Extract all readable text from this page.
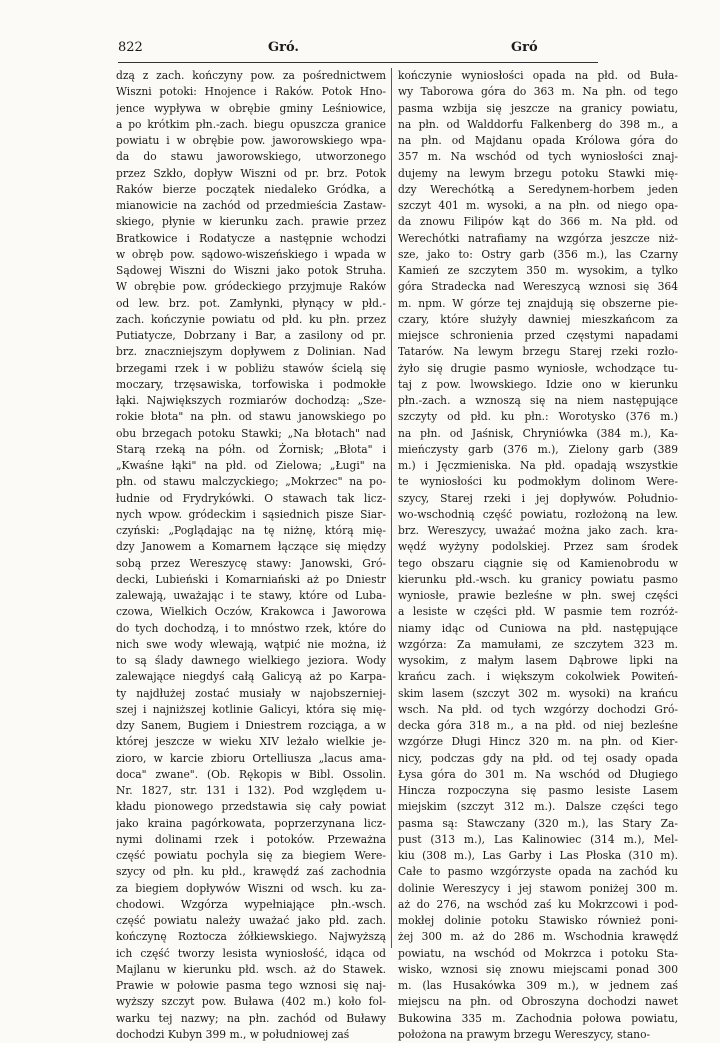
822	Gró.	Gró
dzą z zach. kończyny pow. za pośrednictwem
Wiszni potoki: Hnojence i Raków. Potok Hno-
jence wypływa w obrębie gminy Leśniowice,
a po krótkim płn.-zach. biegu opuszcza granice
powiatu i w obrębie pow. jaworowskiego wpa-
da do stawu jaworowskiego, utworzonego
przez Szkło, dopływ Wiszni od pr. brz. Potok
Raków bierze początek niedaleko Gródka, a
mianowicie na zachód od przedmieścia Zastaw-
skiego, płynie w kierunku zach. prawie przez
Bratkowice i Rodatycze a następnie wchodzi
w obręb pow. sądowo-wiszeńskiego i wpada w
Sądowej Wiszni do Wiszni jako potok Struha.
W obrębie pow. gródeckiego przyjmuje Raków
od lew. brz. pot. Zamłynki, płynący w płd.-
zach. kończynie powiatu od płd. ku płn. przez
Putiatycze, Dobrzany i Bar, a zasilony od pr.
brz. znaczniejszym dopływem z Dolinian. Nad
brzegami rzek i w pobliżu stawów ścielą się
moczary, trzęsawiska, torfowiska i podmokłe
łąki. Największych rozmiarów dochodzą: „Sze-
rokie błota" na płn. od stawu janowskiego po
obu brzegach potoku Stawki; „Na błotach" nad
Starą rzeką na półn. od Żornisk; „Błota" i
„Kwaśne łąki" na płd. od Zielowa; „Ługi" na
płn. od stawu malczyckiego; „Mokrzec" na po-
łudnie od Frydrykówki. O stawach tak licz-
nych wpow. gródeckim i sąsiednich pisze Siar-
czyński: „Poglądając na tę niżnę, którą mię-
dzy Janowem a Komarnem łączące się między
sobą przez Wereszycę stawy: Janowski, Gró-
decki, Lubieński i Komarniański aż po Dniestr
zalewają, uważając i te stawy, które od Luba-
czowa, Wielkich Oczów, Krakowca i Jaworowa
do tych dochodzą, i to mnóstwo rzek, które do
nich swe wody wlewają, wątpić nie można, iż
to są ślady dawnego wielkiego jeziora. Wody
zalewające niegdyś całą Galicyą aż po Karpa-
ty najdłużej zostać musiały w najobszerniej-
szej i najniższej kotlinie Galicyi, która się mię-
dzy Sanem, Bugiem i Dniestrem rozciąga, a w
której jeszcze w wieku XIV leżało wielkie je-
zioro, w karcie zbioru Ortelliusza „lacus ama-
doca" zwane". (Ob. Rękopis w Bibl. Ossolin.
Nr. 1827, str. 131 i 132). Pod względem u-
kładu pionowego przedstawia się cały powiat
jako kraina pagórkowata, poprzerzynana licz-
nymi dolinami rzek i potoków. Przeważna
część powiatu pochyla się za biegiem Were-
szycy od płn. ku płd., krawędź zaś zachodnia
za biegiem dopływów Wiszni od wsch. ku za-
chodowi. Wzgórza wypełniające płn.-wsch.
część powiatu należy uważać jako płd. zach.
kończynę Roztocza żółkiewskiego. Najwyższą
ich część tworzy lesista wyniosłość, idąca od
Majlanu w kierunku płd. wsch. aż do Stawek.
Prawie w połowie pasma tego wznosi się naj-
wyższy szczyt pow. Buława (402 m.) koło fol-
warku tej nazwy; na płn. zachód od Buławy
dochodzi Kubyn 399 m., w południowej zaś
kończynie wyniosłości opada na płd. od Buła-
wy Taborowa góra do 363 m. Na płn. od tego
pasma wzbija się jeszcze na granicy powiatu,
na płn. od Walddorfu Falkenberg do 398 m., a
na płn. od Majdanu opada Królowa góra do
357 m. Na wschód od tych wyniosłości znaj-
dujemy na lewym brzegu potoku Stawki mię-
dzy Werechótką a Seredynem-horbem jeden
szczyt 401 m. wysoki, a na płn. od niego opa-
da znowu Filipów kąt do 366 m. Na płd. od
Werechótki natrafiamy na wzgórza jeszcze niż-
sze, jako to: Ostry garb (356 m.), las Czarny
Kamień ze szczytem 350 m. wysokim, a tylko
góra Stradecka nad Wereszycą wznosi się 364
m. npm. W górze tej znajdują się obszerne pie-
czary, które służyły dawniej mieszkańcom za
miejsce schronienia przed częstymi napadami
Tatarów. Na lewym brzegu Starej rzeki rozło-
żyło się drugie pasmo wyniosłe, wchodzące tu-
taj z pow. lwowskiego. Idzie ono w kierunku
płn.-zach. a wznoszą się na niem następujące
szczyty od płd. ku płn.: Worotysko (376 m.)
na płn. od Jaśnisk, Chryniówka (384 m.), Ka-
mieńczysty garb (376 m.), Zielony garb (389
m.) i Jęczmieniska. Na płd. opadają wszystkie
te wyniosłości ku podmokłym dolinom Were-
szycy, Starej rzeki i jej dopływów. Południo-
wo-wschodnią część powiatu, rozłożoną na lew.
brz. Wereszycy, uważać można jako zach. kra-
wędź wyżyny podolskiej. Przez sam środek
tego obszaru ciągnie się od Kamienobrodu w
kierunku płd.-wsch. ku granicy powiatu pasmo
wyniosłe, prawie bezleśne w płn. swej części
a lesiste w części płd. W pasmie tem rozróż-
niamy idąc od Cuniowa na płd. następujące
wzgórza: Za mamułami, ze szczytem 323 m.
wysokim, z małym lasem Dąbrowe lipki na
krańcu zach. i większym cokolwiek Powiteń-
skim lasem (szczyt 302 m. wysoki) na krańcu
wsch. Na płd. od tych wzgórzy dochodzi Gró-
decka góra 318 m., a na płd. od niej bezleśne
wzgórze Długi Hincz 320 m. na płn. od Kier-
nicy, podczas gdy na płd. od tej osady opada
Łysa góra do 301 m. Na wschód od Długiego
Hincza rozpoczyna się pasmo lesiste Lasem
miejskim (szczyt 312 m.). Dalsze części tego
pasma są: Stawczany (320 m.), las Stary Za-
pust (313 m.), Las Kalinowiec (314 m.), Mel-
kiu (308 m.), Las Garby i Las Płoska (310 m).
Całe to pasmo wzgórzyste opada na zachód ku
dolinie Wereszycy i jej stawom poniżej 300 m.
aż do 276, na wschód zaś ku Mokrzcowi i pod-
mokłej dolinie potoku Stawisko również poni-
żej 300 m. aż do 286 m. Wschodnia krawędź
powiatu, na wschód od Mokrzca i potoku Sta-
wisko, wznosi się znowu miejscami ponad 300
m. (las Husakówka 309 m.), w jednem zaś
miejscu na płn. od Obroszyna dochodzi nawet
Bukowina 335 m. Zachodnia połowa powiatu,
położona na prawym brzegu Wereszycy, stano-
